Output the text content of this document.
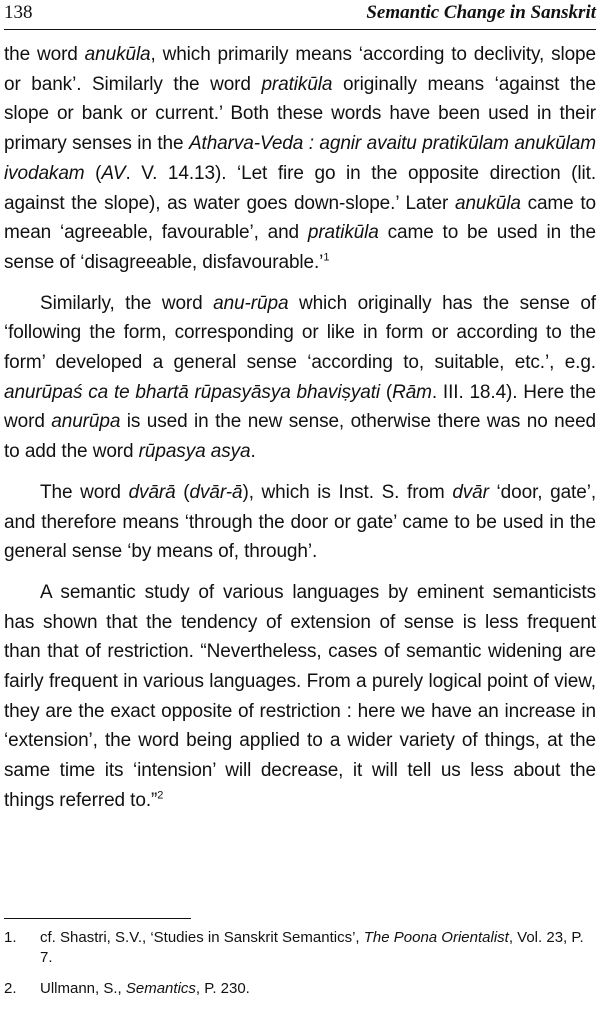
138	Semantic Change in Sanskrit

the word anukūla, which primarily means ‘according to declivity, slope or bank’. Similarly the word pratikūla originally means ‘against the slope or bank or current.’ Both these words have been used in their primary senses in the Atharva-Veda : agnir avaitu pratikūlam anukūlam ivodakam (AV. V. 14.13). ‘Let fire go in the opposite direction (lit. against the slope), as water goes down-slope.’ Later anukūla came to mean ‘agreeable, favourable’, and pratikūla came to be used in the sense of ‘disagreeable, disfavourable.’$^1$

Similarly, the word anu-rūpa which originally has the sense of ‘following the form, corresponding or like in form or according to the form’ developed a general sense ‘according to, suitable, etc.’, e.g. anurūpaś ca te bhartā rūpasyāsya bhaviṣyati (Rām. III. 18.4). Here the word anurūpa is used in the new sense, otherwise there was no need to add the word rūpasya asya.

The word dvārā (dvār-ā), which is Inst. S. from dvār ‘door, gate’, and therefore means ‘through the door or gate’ came to be used in the general sense ‘by means of, through’.

A semantic study of various languages by eminent semanticists has shown that the tendency of extension of sense is less frequent than that of restriction. “Nevertheless, cases of semantic widening are fairly frequent in various languages. From a purely logical point of view, they are the exact opposite of restriction : here we have an increase in ‘extension’, the word being applied to a wider variety of things, at the same time its ‘intension’ will decrease, it will tell us less about the things referred to.”$^2$

1. cf. Shastri, S.V., ‘Studies in Sanskrit Semantics’, The Poona Orientalist, Vol. 23, P. 7.
2. Ullmann, S., Semantics, P. 230.
